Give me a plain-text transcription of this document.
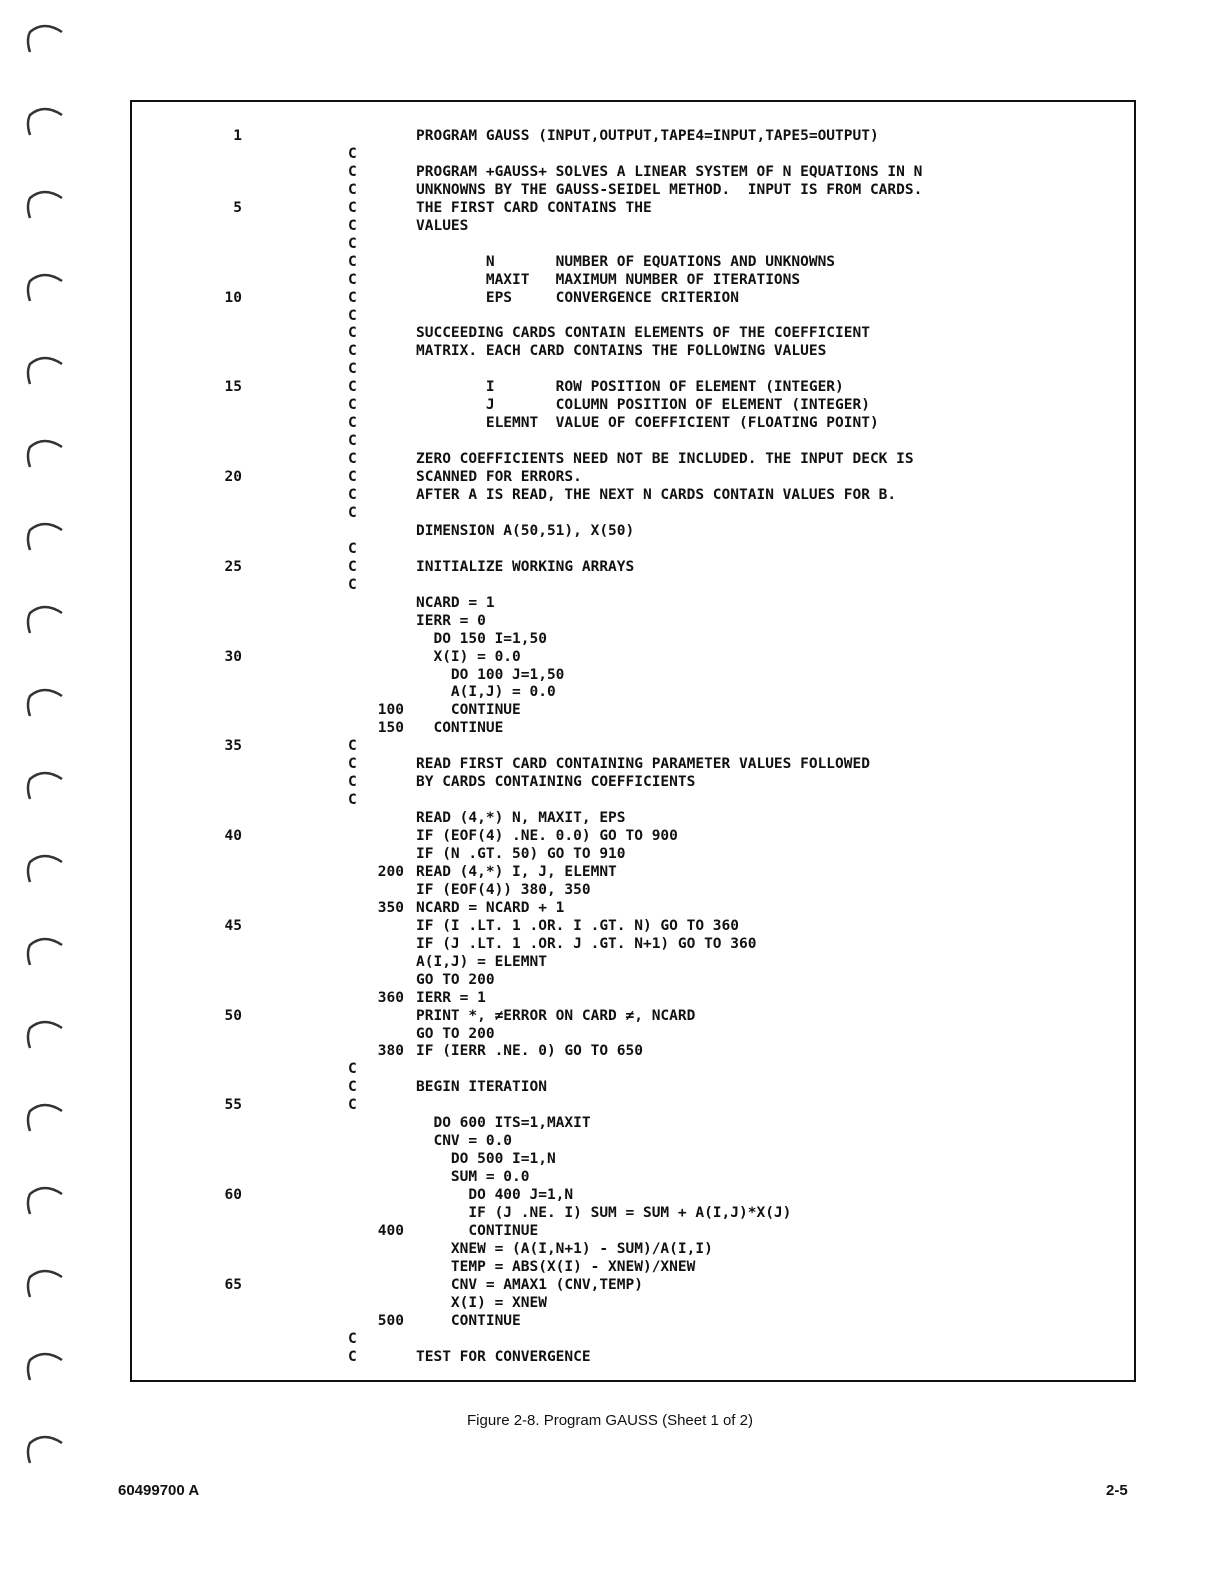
1	PROGRAM GAUSS (INPUT,OUTPUT,TAPE4=INPUT,TAPE5=OUTPUT)
C
C	PROGRAM +GAUSS+ SOLVES A LINEAR SYSTEM OF N EQUATIONS IN N
C	UNKNOWNS BY THE GAUSS-SEIDEL METHOD.  INPUT IS FROM CARDS.
5	C	THE FIRST CARD CONTAINS THE
C	VALUES
C
C	N       NUMBER OF EQUATIONS AND UNKNOWNS
C	MAXIT   MAXIMUM NUMBER OF ITERATIONS
10	C	EPS     CONVERGENCE CRITERION
C
C	SUCCEEDING CARDS CONTAIN ELEMENTS OF THE COEFFICIENT
C	MATRIX. EACH CARD CONTAINS THE FOLLOWING VALUES
C
15	C	I       ROW POSITION OF ELEMENT (INTEGER)
C	J       COLUMN POSITION OF ELEMENT (INTEGER)
C	ELEMNT  VALUE OF COEFFICIENT (FLOATING POINT)
C
C	ZERO COEFFICIENTS NEED NOT BE INCLUDED. THE INPUT DECK IS
20	C	SCANNED FOR ERRORS.
C	AFTER A IS READ, THE NEXT N CARDS CONTAIN VALUES FOR B.
C
DIMENSION A(50,51), X(50)
C
25	C	INITIALIZE WORKING ARRAYS
C
NCARD = 1
IERR = 0
DO 150 I=1,50
30	X(I) = 0.0
DO 100 J=1,50
A(I,J) = 0.0
100 CONTINUE
150 CONTINUE
35	C
C	READ FIRST CARD CONTAINING PARAMETER VALUES FOLLOWED
C	BY CARDS CONTAINING COEFFICIENTS
C
READ (4,*) N, MAXIT, EPS
40	IF (EOF(4) .NE. 0.0) GO TO 900
IF (N .GT. 50) GO TO 910
200 READ (4,*) I, J, ELEMNT
IF (EOF(4)) 380, 350
350 NCARD = NCARD + 1
45	IF (I .LT. 1 .OR. I .GT. N) GO TO 360
IF (J .LT. 1 .OR. J .GT. N+1) GO TO 360
A(I,J) = ELEMNT
GO TO 200
360 IERR = 1
50	PRINT *, ≠ERROR ON CARD ≠, NCARD
GO TO 200
380 IF (IERR .NE. 0) GO TO 650
C
C	BEGIN ITERATION
55	C
DO 600 ITS=1,MAXIT
CNV = 0.0
DO 500 I=1,N
SUM = 0.0
60	DO 400 J=1,N
IF (J .NE. I) SUM = SUM + A(I,J)*X(J)
400 CONTINUE
XNEW = (A(I,N+1) - SUM)/A(I,I)
TEMP = ABS(X(I) - XNEW)/XNEW
65	CNV = AMAX1 (CNV,TEMP)
X(I) = XNEW
500 CONTINUE
C
C	TEST FOR CONVERGENCE
Figure 2-8. Program GAUSS (Sheet 1 of 2)
60499700 A	2-5
